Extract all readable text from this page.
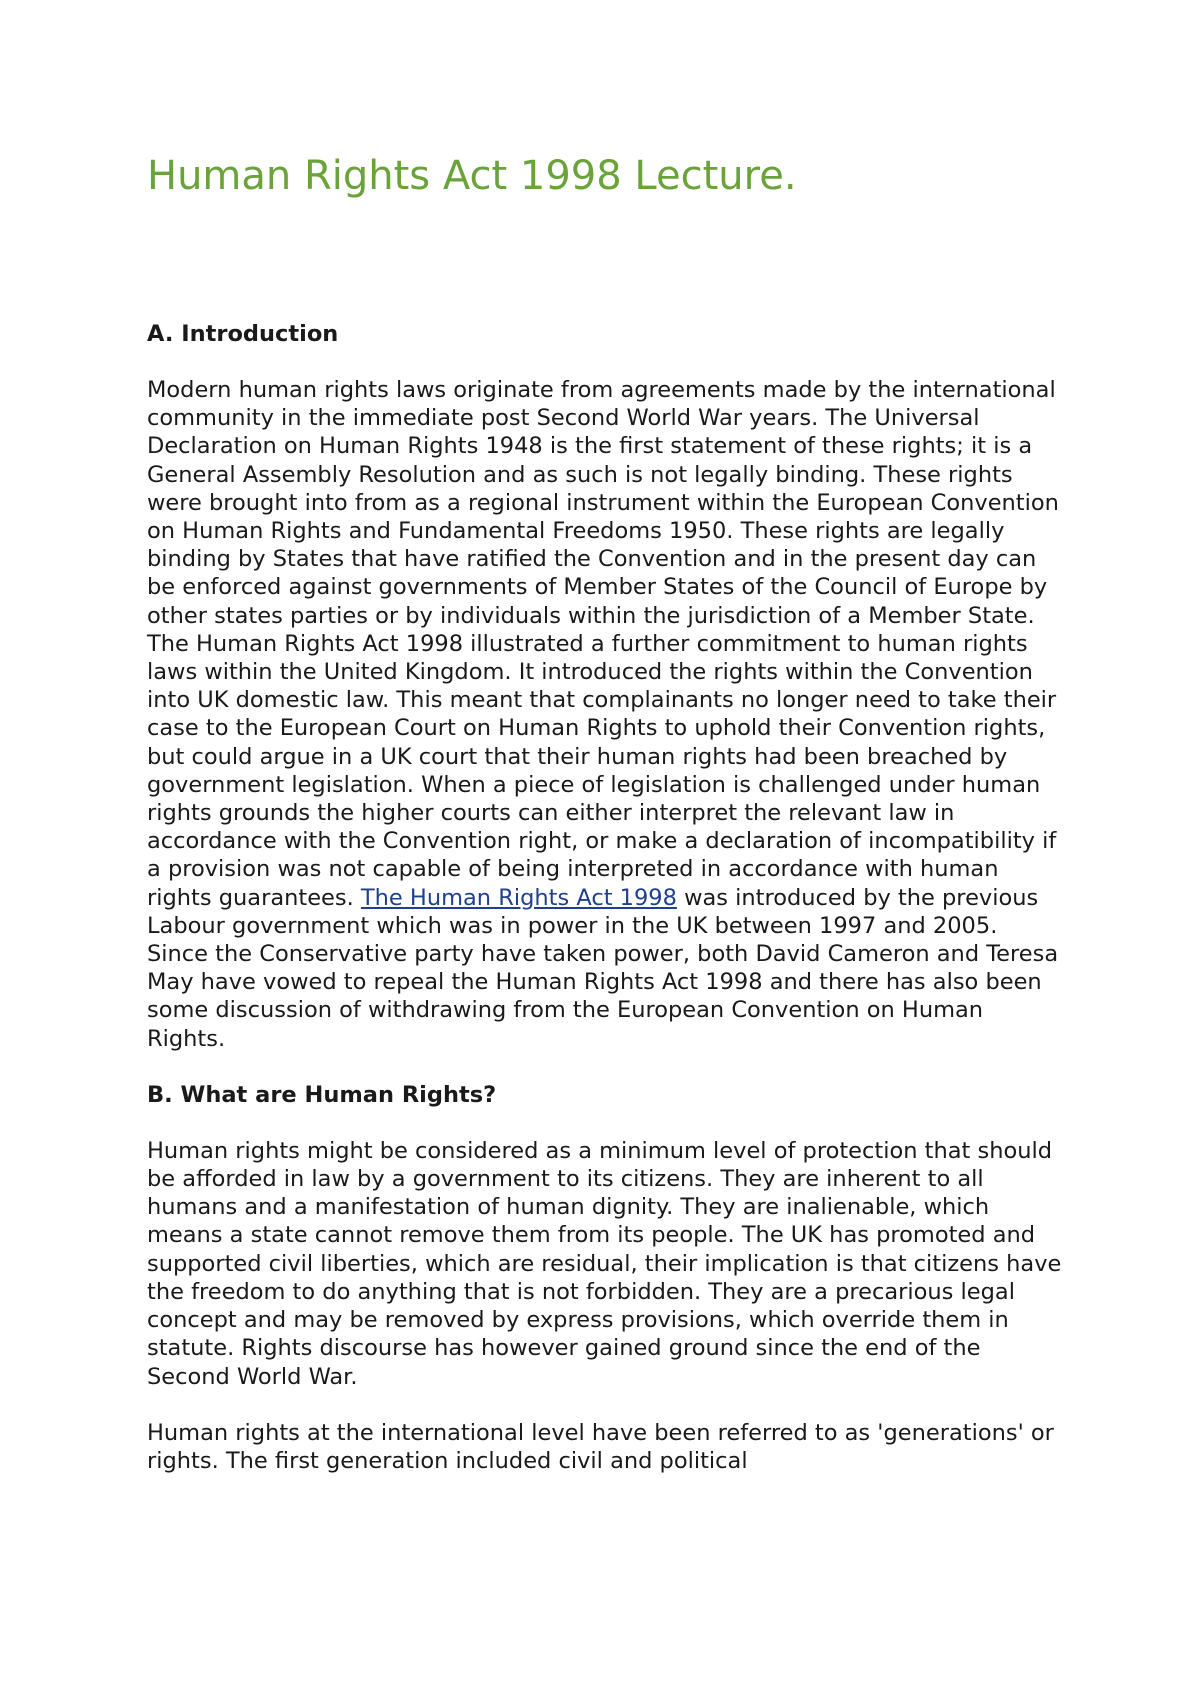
Human Rights Act 1998 Lecture.
A. Introduction

Modern human rights laws originate from agreements made by the international community in the immediate post Second World War years. The Universal Declaration on Human Rights 1948 is the first statement of these rights; it is a General Assembly Resolution and as such is not legally binding. These rights were brought into from as a regional instrument within the European Convention on Human Rights and Fundamental Freedoms 1950. These rights are legally binding by States that have ratified the Convention and in the present day can be enforced against governments of Member States of the Council of Europe by other states parties or by individuals within the jurisdiction of a Member State. The Human Rights Act 1998 illustrated a further commitment to human rights laws within the United Kingdom. It introduced the rights within the Convention into UK domestic law. This meant that complainants no longer need to take their case to the European Court on Human Rights to uphold their Convention rights, but could argue in a UK court that their human rights had been breached by government legislation. When a piece of legislation is challenged under human rights grounds the higher courts can either interpret the relevant law in accordance with the Convention right, or make a declaration of incompatibility if a provision was not capable of being interpreted in accordance with human rights guarantees. The Human Rights Act 1998 was introduced by the previous Labour government which was in power in the UK between 1997 and 2005. Since the Conservative party have taken power, both David Cameron and Teresa May have vowed to repeal the Human Rights Act 1998 and there has also been some discussion of withdrawing from the European Convention on Human Rights.

B. What are Human Rights?

Human rights might be considered as a minimum level of protection that should be afforded in law by a government to its citizens. They are inherent to all humans and a manifestation of human dignity. They are inalienable, which means a state cannot remove them from its people. The UK has promoted and supported civil liberties, which are residual, their implication is that citizens have the freedom to do anything that is not forbidden. They are a precarious legal concept and may be removed by express provisions, which override them in statute. Rights discourse has however gained ground since the end of the Second World War.

Human rights at the international level have been referred to as 'generations' or rights. The first generation included civil and political
